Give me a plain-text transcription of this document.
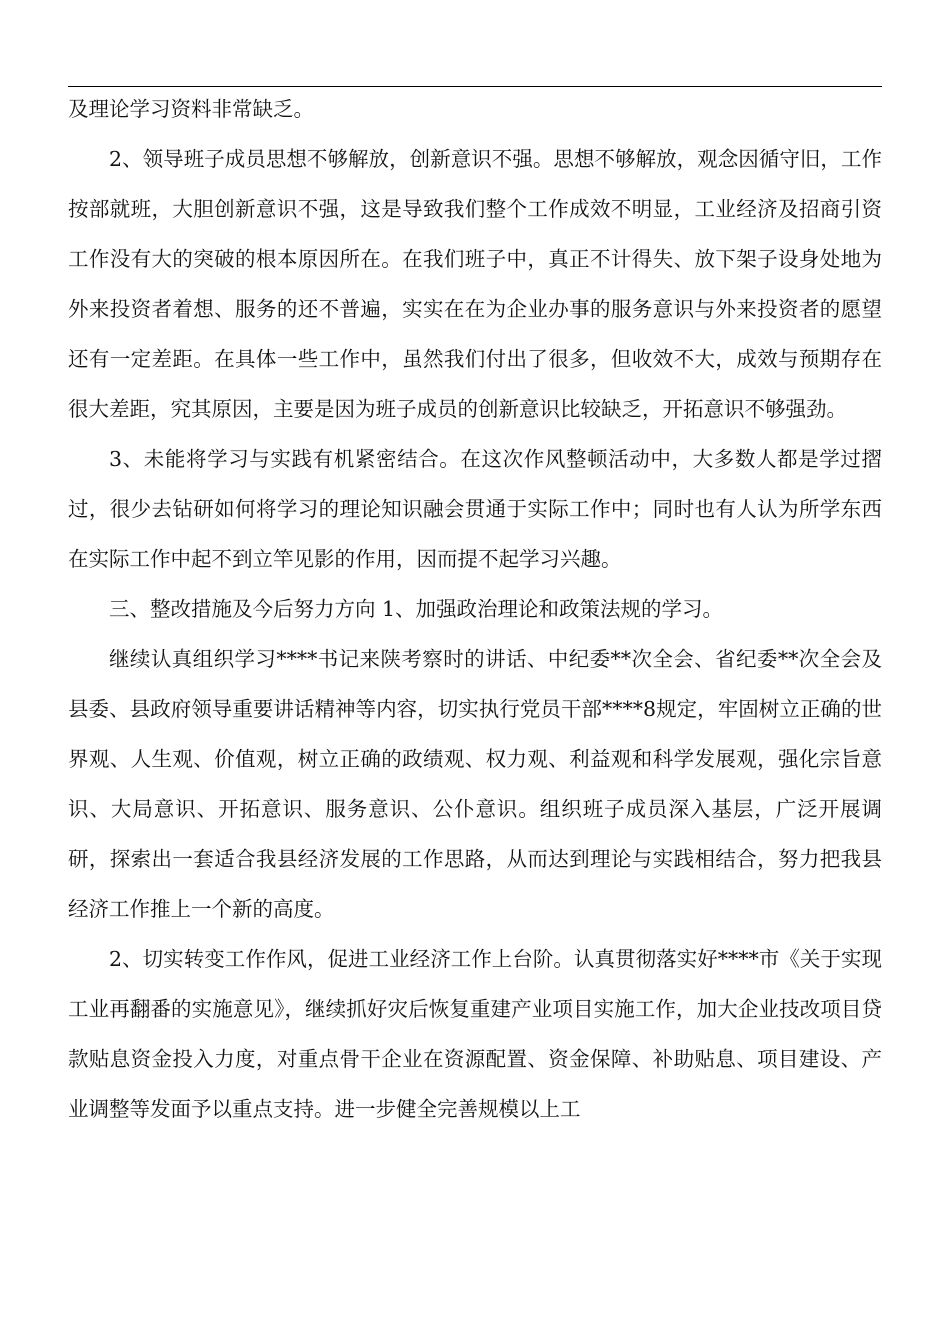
及理论学习资料非常缺乏。

2、领导班子成员思想不够解放，创新意识不强。思想不够解放，观念因循守旧，工作按部就班，大胆创新意识不强，这是导致我们整个工作成效不明显，工业经济及招商引资工作没有大的突破的根本原因所在。在我们班子中，真正不计得失、放下架子设身处地为外来投资者着想、服务的还不普遍，实实在在为企业办事的服务意识与外来投资者的愿望还有一定差距。在具体一些工作中，虽然我们付出了很多，但收效不大，成效与预期存在很大差距，究其原因，主要是因为班子成员的创新意识比较缺乏，开拓意识不够强劲。

3、未能将学习与实践有机紧密结合。在这次作风整顿活动中，大多数人都是学过摺过，很少去钻研如何将学习的理论知识融会贯通于实际工作中；同时也有人认为所学东西在实际工作中起不到立竿见影的作用，因而提不起学习兴趣。

三、整改措施及今后努力方向 1、加强政治理论和政策法规的学习。

继续认真组织学习****书记来陕考察时的讲话、中纪委**次全会、省纪委**次全会及县委、县政府领导重要讲话精神等内容，切实执行党员干部****8规定，牢固树立正确的世界观、人生观、价值观，树立正确的政绩观、权力观、利益观和科学发展观，强化宗旨意识、大局意识、开拓意识、服务意识、公仆意识。组织班子成员深入基层，广泛开展调研，探索出一套适合我县经济发展的工作思路，从而达到理论与实践相结合，努力把我县经济工作推上一个新的高度。

2、切实转变工作作风，促进工业经济工作上台阶。认真贯彻落实好****市《关于实现工业再翻番的实施意见》，继续抓好灾后恢复重建产业项目实施工作，加大企业技改项目贷款贴息资金投入力度，对重点骨干企业在资源配置、资金保障、补助贴息、项目建设、产业调整等发面予以重点支持。进一步健全完善规模以上工
